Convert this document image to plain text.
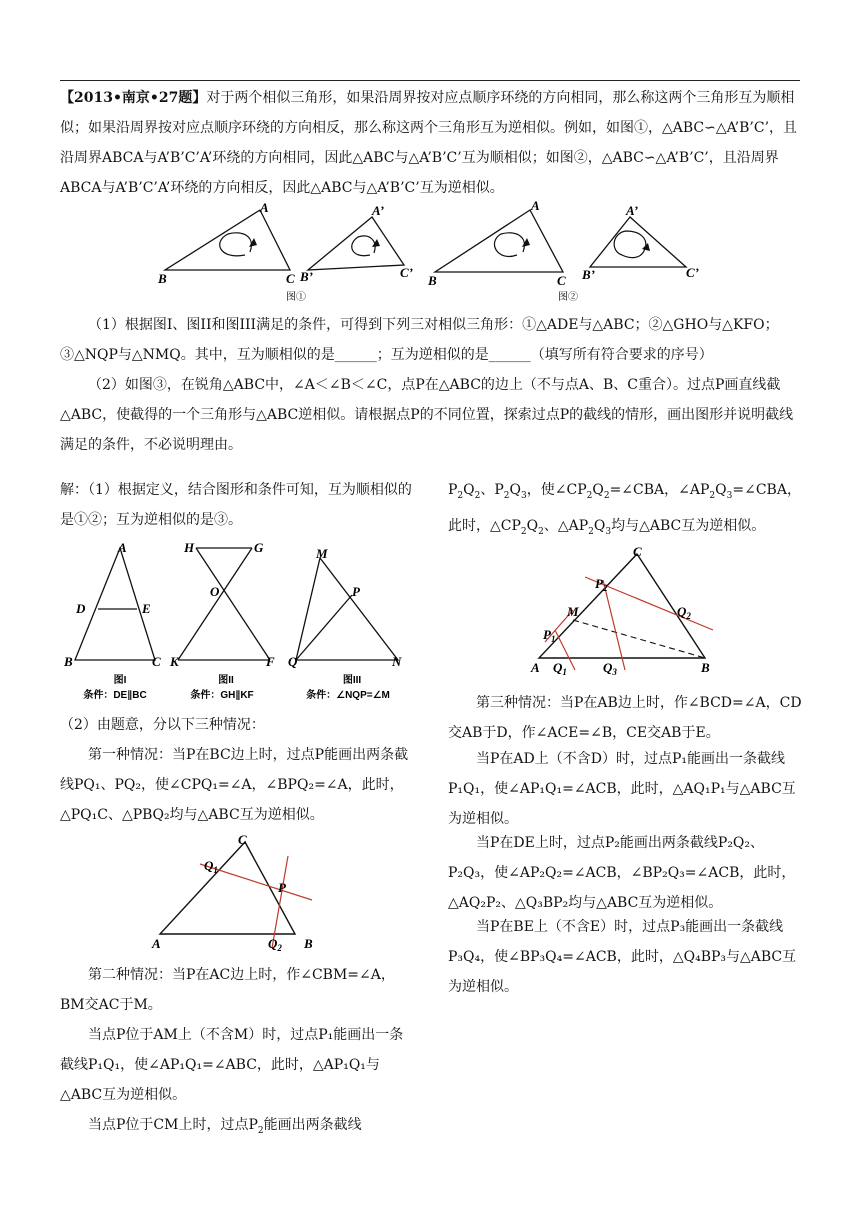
【2013•南京•27题】对于两个相似三角形，如果沿周界按对应点顺序环绕的方向相同，那么称这两个三角形互为顺相似；如果沿周界按对应点顺序环绕的方向相反，那么称这两个三角形互为逆相似。例如，如图①，△ABC∽△A’B’C’，且沿周界ABCA与A’B’C’A’环绕的方向相同，因此△ABC与△A’B’C’互为顺相似；如图②，△ABC∽△A’B’C’，且沿周界ABCA与A’B’C’A’环绕的方向相反，因此△ABC与△A’B’C’互为逆相似。

A
B	C
A’
B’	C’
图①
A
B	C
A’
B’	C’
图②

（1）根据图I、图II和图III满足的条件，可得到下列三对相似三角形：①△ADE与△ABC；②△GHO与△KFO；③△NQP与△NMQ。其中，互为顺相似的是______；互为逆相似的是______（填写所有符合要求的序号）

（2）如图③，在锐角△ABC中，∠A＜∠B＜∠C，点P在△ABC的边上（不与点A、B、C重合）。过点P画直线截△ABC，使截得的一个三角形与△ABC逆相似。请根据点P的不同位置，探索过点P的截线的情形，画出图形并说明截线满足的条件，不必说明理由。

解：（1）根据定义，结合图形和条件可知，互为顺相似的是①②；互为逆相似的是③。

A
D	E
B	C
图I
条件：DE∥BC
H	G
O
K	F
图II
条件：GH∥KF
M
P
Q	N
图III
条件：∠NQP=∠M

（2）由题意，分以下三种情况：

第一种情况：当P在BC边上时，过点P能画出两条截线PQ₁、PQ₂，使∠CPQ₁=∠A，∠BPQ₂=∠A，此时，△PQ₁C、△PBQ₂均与△ABC互为逆相似。

C
$Q_1$
P
A	$Q_2$ B

第二种情况：当P在AC边上时，作∠CBM=∠A，BM交AC于M。

当点P位于AM上（不含M）时，过点P₁能画出一条截线P₁Q₁，使∠AP₁Q₁=∠ABC，此时，△AP₁Q₁与△ABC互为逆相似。

当点P位于CM上时，过点$P_2$能画出两条截线

$P_2Q_2$、$P_2Q_3$，使$\angle CP_2Q_2=\angle CBA$，$\angle AP_2Q_3=\angle CBA$，此时，$\triangle CP_2Q_2$、$\triangle AP_2Q_3$均与△ABC互为逆相似。

C
$P_2$
M	$Q_2$
$P_1$
A $Q_1$	$Q_3$	B

第三种情况：当P在AB边上时，作∠BCD=∠A，CD交AB于D，作∠ACE=∠B，CE交AB于E。

当P在AD上（不含D）时，过点P₁能画出一条截线P₁Q₁，使∠AP₁Q₁=∠ACB，此时，△AQ₁P₁与△ABC互为逆相似。

当P在DE上时，过点P₂能画出两条截线P₂Q₂、P₂Q₃，使∠AP₂Q₂=∠ACB，∠BP₂Q₃=∠ACB，此时，△AQ₂P₂、△Q₃BP₂均与△ABC互为逆相似。

当P在BE上（不含E）时，过点P₃能画出一条截线P₃Q₄，使∠BP₃Q₄=∠ACB，此时，△Q₄BP₃与△ABC互为逆相似。
